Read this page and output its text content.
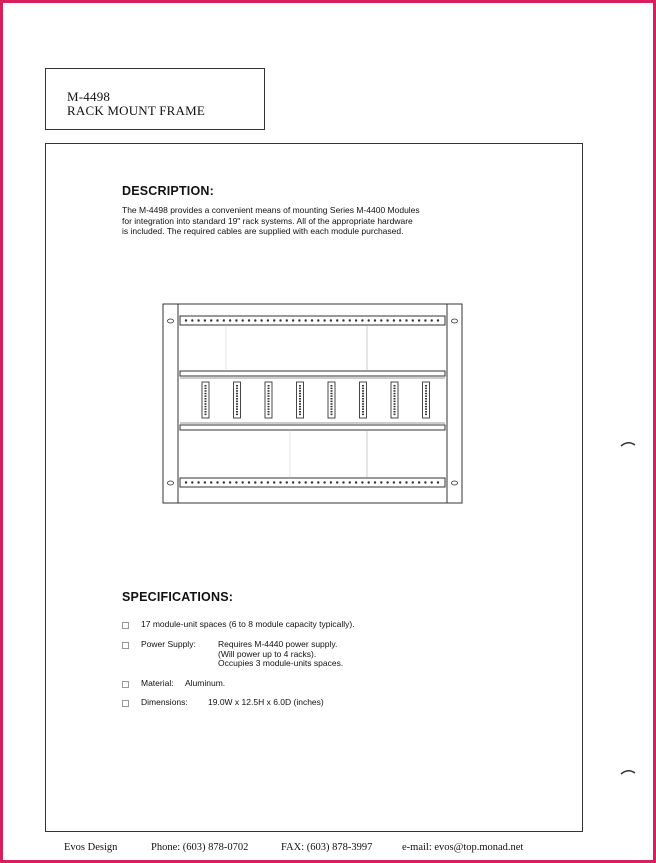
M-4498
RACK MOUNT FRAME
DESCRIPTION:
The M-4498 provides a convenient means of mounting Series M-4400 Modules
for integration into standard 19" rack systems. All of the appropriate hardware
is included. The required cables are supplied with each module purchased.
SPECIFICATIONS:
17 module-unit spaces (6 to 8 module capacity typically).
Power Supply:	Requires M-4440 power supply.
(Will power up to 4 racks).
Occupies 3 module-units spaces.
Material:	Aluminum.
Dimensions:	19.0W x 12.5H x 6.0D (inches)
Evos Design	Phone: (603) 878-0702	FAX: (603) 878-3997	e-mail: evos@top.monad.net
